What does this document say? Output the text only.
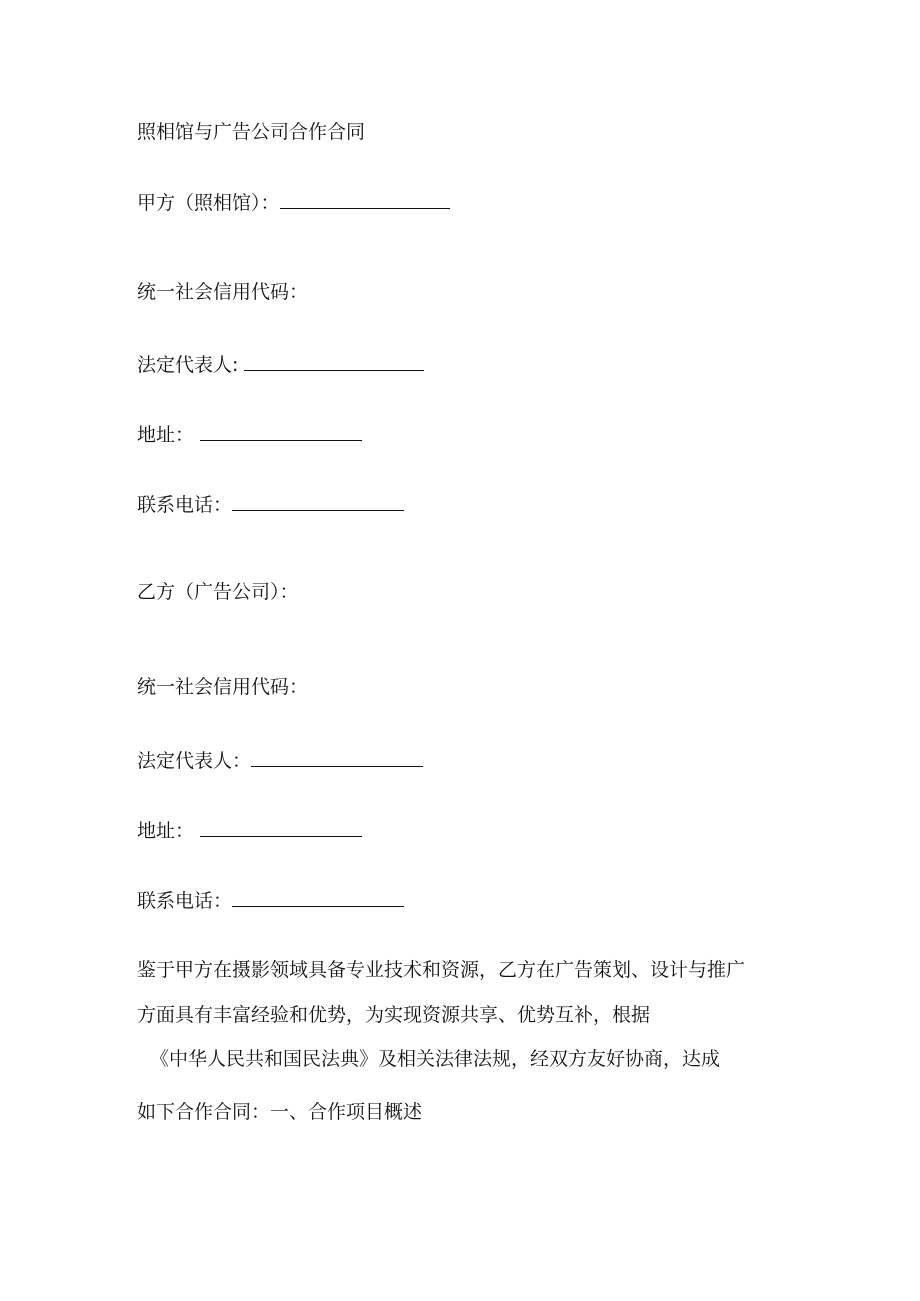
照相馆与广告公司合作合同
甲方（照相馆）：
统一社会信用代码：
法定代表人:
地址：
联系电话：
乙方（广告公司）：
统一社会信用代码：
法定代表人：
地址：
联系电话：
鉴于甲方在摄影领域具备专业技术和资源，乙方在广告策划、设计与推广
方面具有丰富经验和优势，为实现资源共享、优势互补，根据
《中华人民共和国民法典》及相关法律法规，经双方友好协商，达成
如下合作合同：一、合作项目概述
